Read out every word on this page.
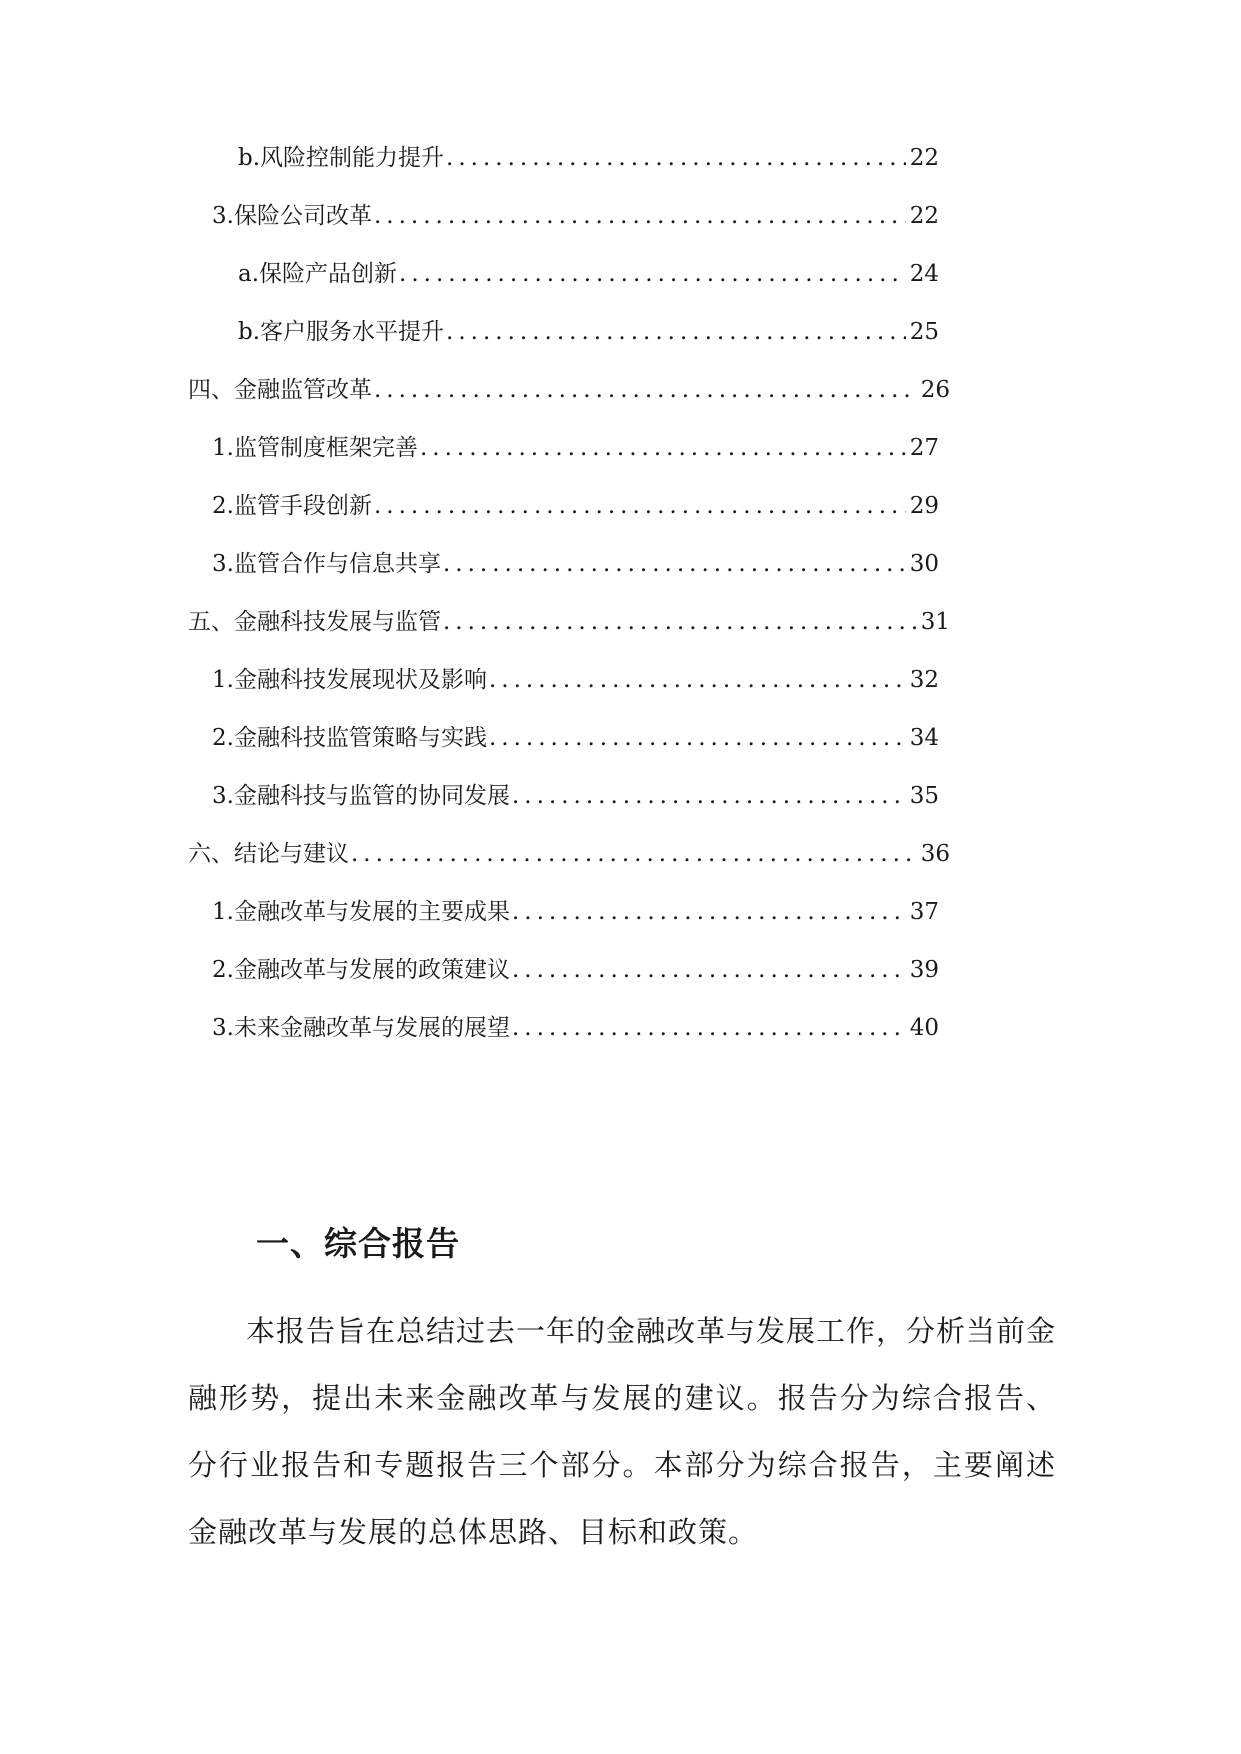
b. 风险控制能力提升 .....	22
3. 保险公司改革 .....	22
a. 保险产品创新 .....	24
b. 客户服务水平提升 .....	25
四、 金融监管改革 .....	26
1. 监管制度框架完善 .....	27
2. 监管手段创新 .....	29
3. 监管合作与信息共享 .....	30
五、 金融科技发展与监管 .....	31
1. 金融科技发展现状及影响 .....	32
2. 金融科技监管策略与实践 .....	34
3. 金融科技与监管的协同发展 .....	35
六、 结论与建议 .....	36
1. 金融改革与发展的主要成果 .....	37
2. 金融改革与发展的政策建议 .....	39
3. 未来金融改革与发展的展望 .....	40
一、综合报告

本报告旨在总结过去一年的金融改革与发展工作，分析当前金融形势，提出未来金融改革与发展的建议。报告分为综合报告、分行业报告和专题报告三个部分。本部分为综合报告，主要阐述金融改革与发展的总体思路、目标和政策。
